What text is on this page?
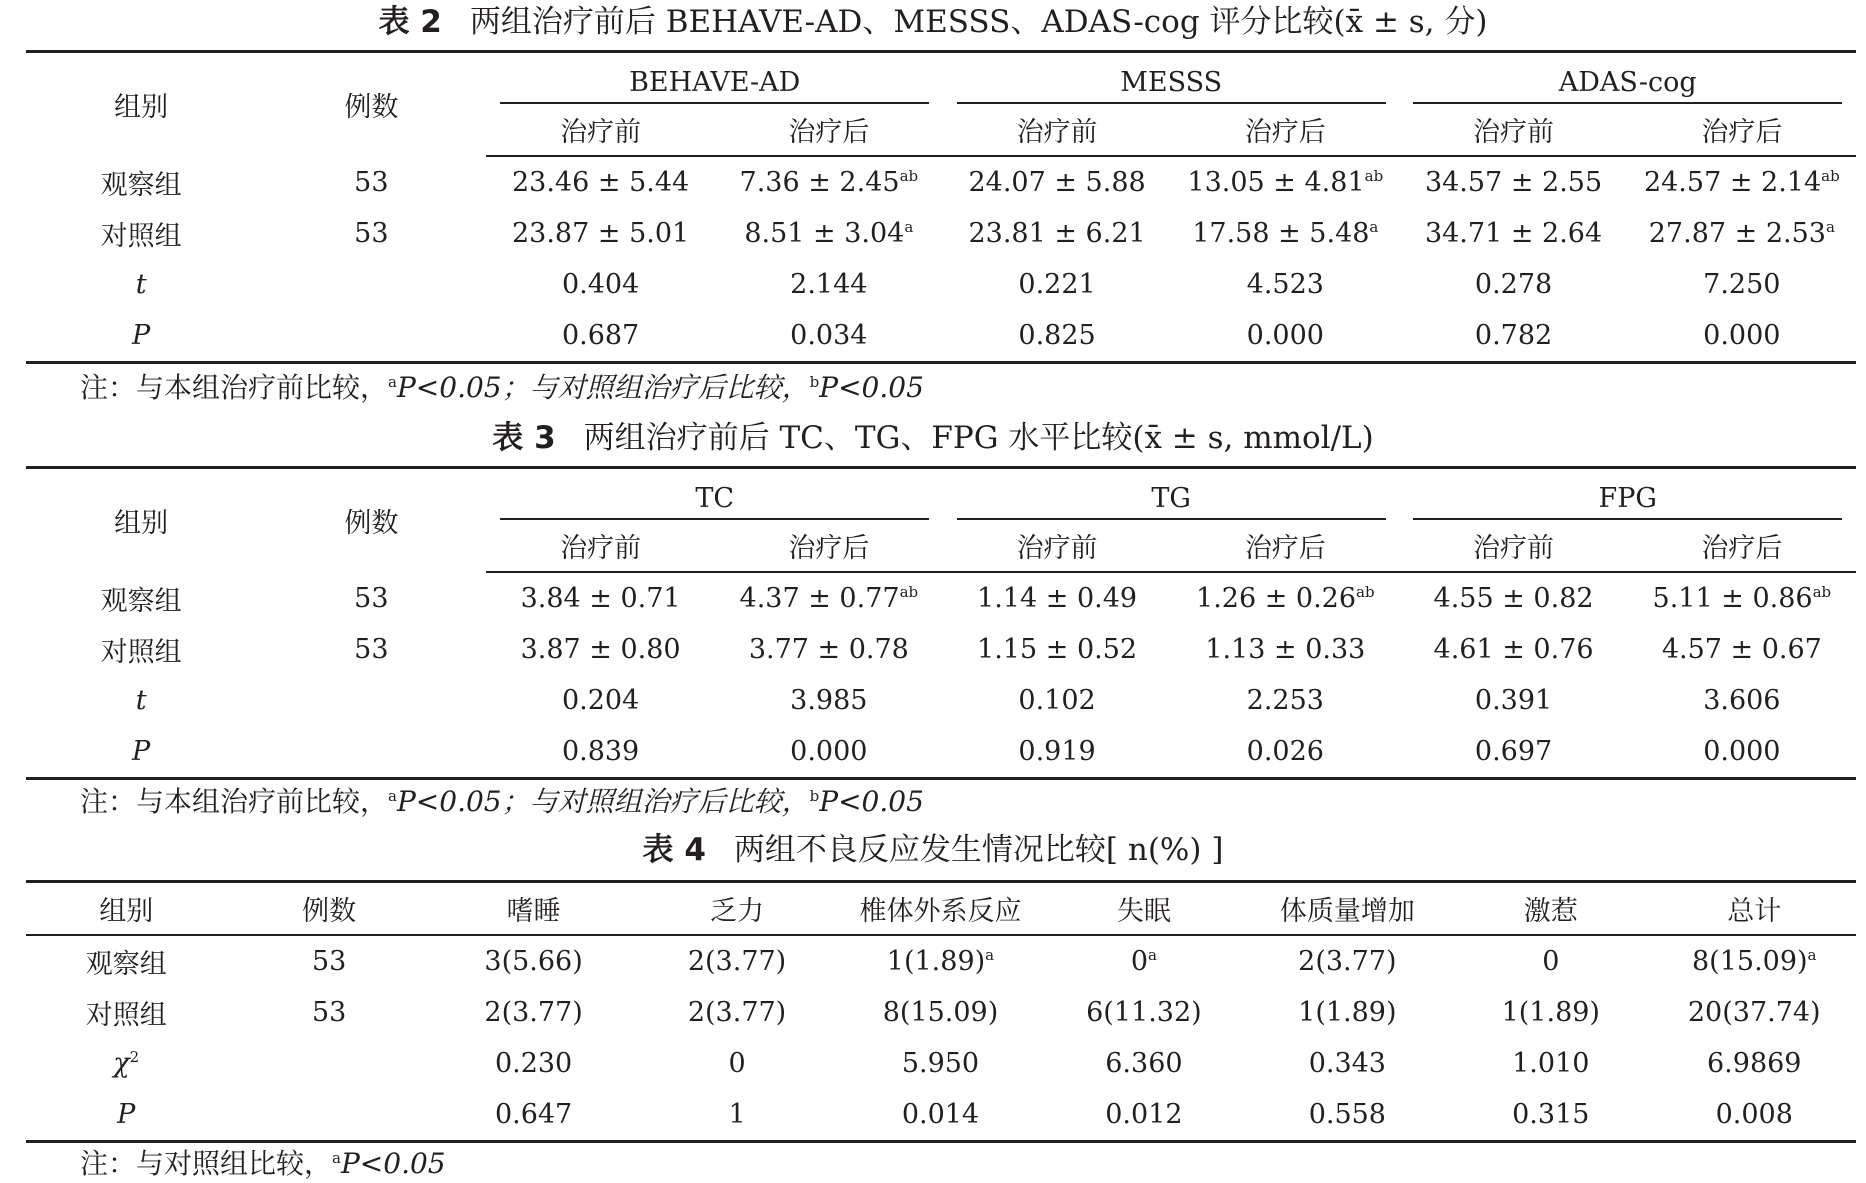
表 2 两组治疗前后 BEHAVE-AD、MESSS、ADAS-cog 评分比较(x̄ ± s, 分)
组别	例数	BEHAVE-AD		MESSS		ADAS-cog	
		治疗前	治疗后	治疗前	治疗后	治疗前	治疗后
观察组	53	23.46 ± 5.44	7.36 ± 2.45$^{ab}$	24.07 ± 5.88	13.05 ± 4.81$^{ab}$	34.57 ± 2.55	24.57 ± 2.14$^{ab}$
对照组	53	23.87 ± 5.01	8.51 ± 3.04$^a$	23.81 ± 6.21	17.58 ± 5.48$^a$	34.71 ± 2.64	27.87 ± 2.53$^a$
t		0.404	2.144	0.221	4.523	0.278	7.250
P		0.687	0.034	0.825	0.000	0.782	0.000
注：与本组治疗前比较，$^a$P<0.05；与对照组治疗后比较，$^b$P<0.05
表 3 两组治疗前后 TC、TG、FPG 水平比较(x̄ ± s, mmol/L)
组别	例数	TC		TG		FPG	
		治疗前	治疗后	治疗前	治疗后	治疗前	治疗后
观察组	53	3.84 ± 0.71	4.37 ± 0.77$^{ab}$	1.14 ± 0.49	1.26 ± 0.26$^{ab}$	4.55 ± 0.82	5.11 ± 0.86$^{ab}$
对照组	53	3.87 ± 0.80	3.77 ± 0.78	1.15 ± 0.52	1.13 ± 0.33	4.61 ± 0.76	4.57 ± 0.67
t		0.204	3.985	0.102	2.253	0.391	3.606
P		0.839	0.000	0.919	0.026	0.697	0.000
注：与本组治疗前比较，$^a$P<0.05；与对照组治疗后比较，$^b$P<0.05
表 4 两组不良反应发生情况比较[ n(%) ]
组别	例数	嗜睡	乏力	椎体外系反应	失眠	体质量增加	激惹	总计
观察组	53	3(5.66)	2(3.77)	$1(1.89)^a$	0$^a$	2(3.77)	0	$8(15.09)^a$
对照组	53	2(3.77)	2(3.77)	8(15.09)	6(11.32)	1(1.89)	1(1.89)	20(37.74)
$\chi^2$		0.230	0	5.950	6.360	0.343	1.010	6.9869
P		0.647	1	0.014	0.012	0.558	0.315	0.008
注：与对照组比较，$^a$P<0.05
